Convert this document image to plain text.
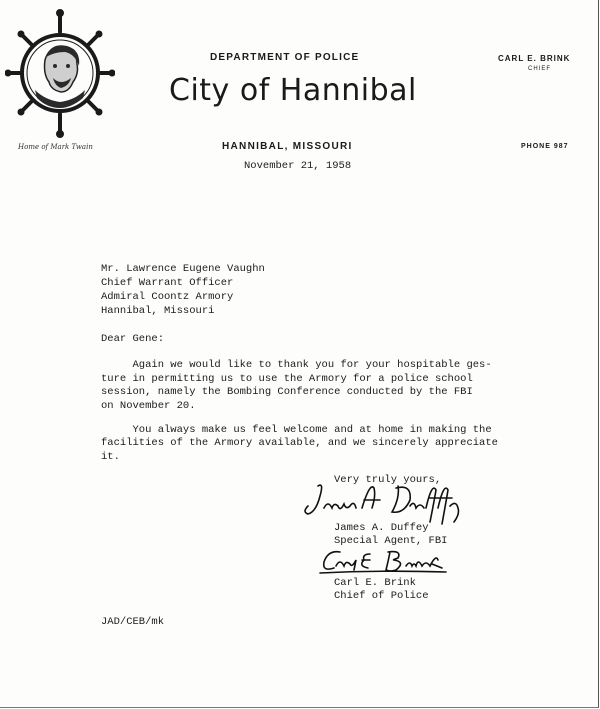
Home of Mark Twain
DEPARTMENT OF POLICE
City of Hannibal
HANNIBAL, MISSOURI
CARL E. BRINK
CHIEF
PHONE 987
November 21, 1958
Mr. Lawrence Eugene Vaughn
Chief Warrant Officer
Admiral Coontz Armory
Hannibal, Missouri
Dear Gene:
Again we would like to thank you for your hospitable ges-
ture in permitting us to use the Armory for a police school
session, namely the Bombing Conference conducted by the FBI
on November 20.
You always make us feel welcome and at home in making the
facilities of the Armory available, and we sincerely appreciate
it.
Very truly yours,
James A. Duffey
Special Agent, FBI
Carl E. Brink
Chief of Police
JAD/CEB/mk
